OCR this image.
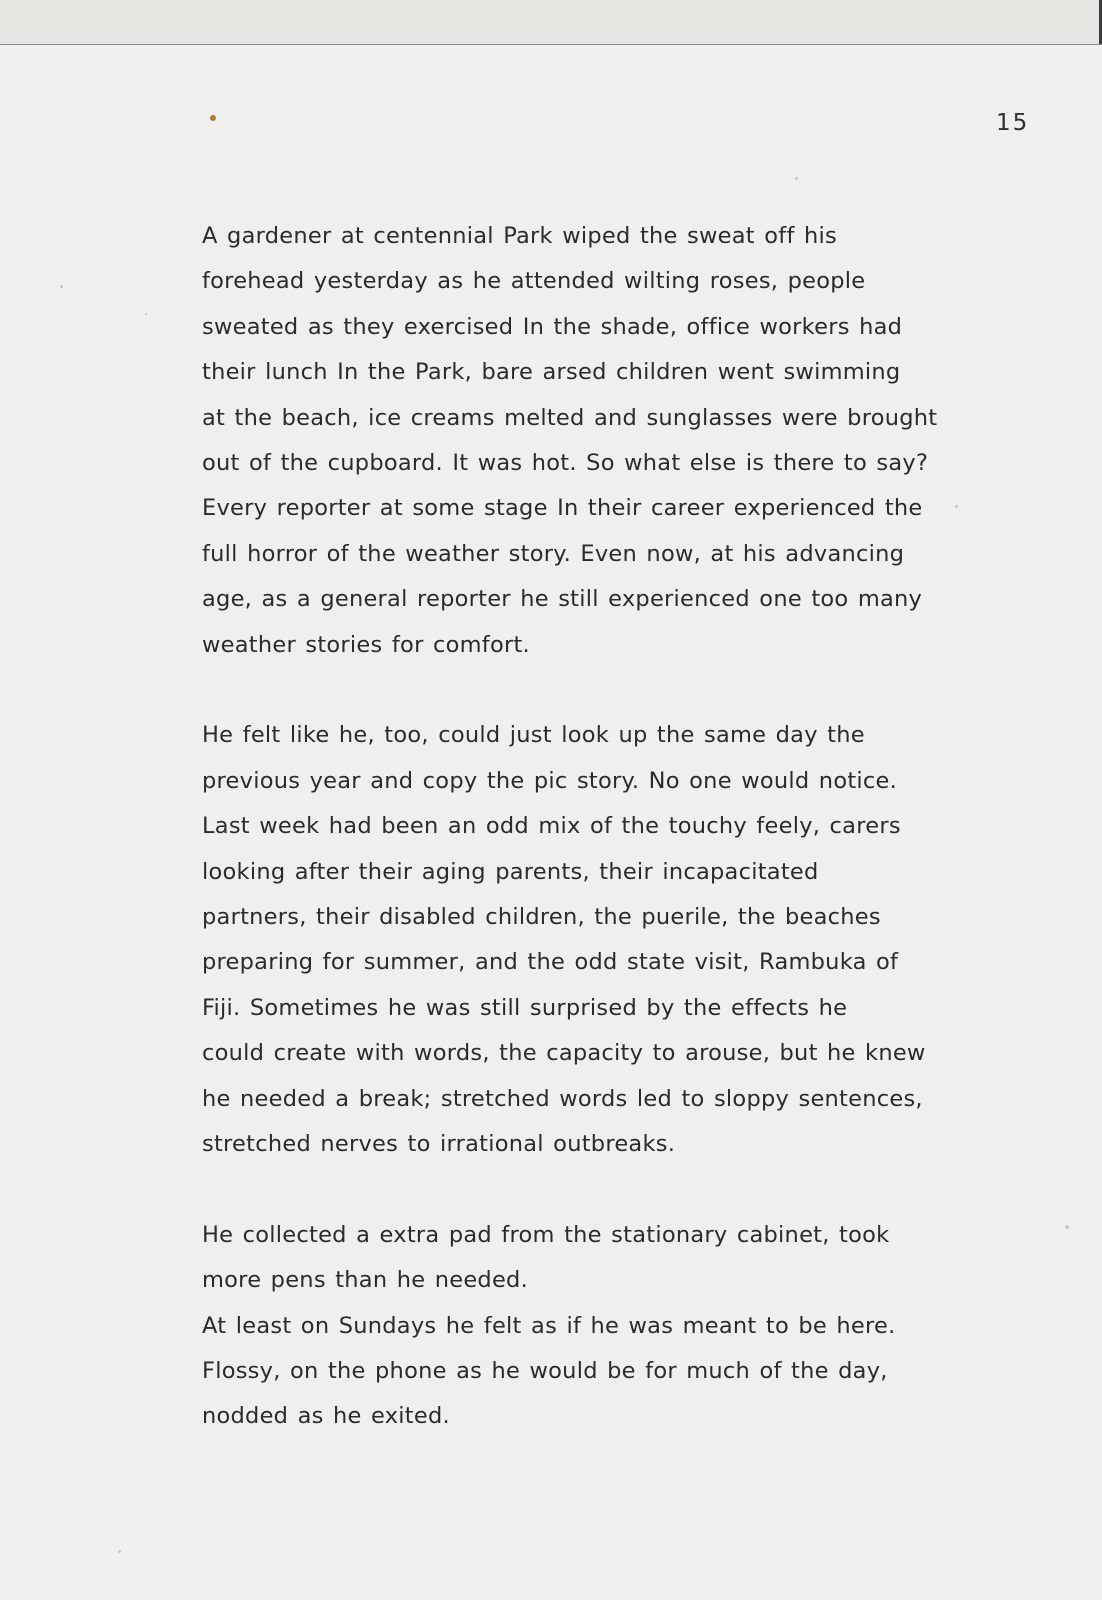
15

A gardener at centennial Park wiped the sweat off his
forehead yesterday as he attended wilting roses, people
sweated as they exercised In the shade, office workers had
their lunch In the Park, bare arsed children went swimming
at the beach, ice creams melted and sunglasses were brought
out of the cupboard. It was hot. So what else is there to say?
Every reporter at some stage In their career experienced the
full horror of the weather story. Even now, at his advancing
age, as a general reporter he still experienced one too many
weather stories for comfort.

He felt like he, too, could just look up the same day the
previous year and copy the pic story. No one would notice.
Last week had been an odd mix of the touchy feely, carers
looking after their aging parents, their incapacitated
partners, their disabled children, the puerile, the beaches
preparing for summer, and the odd state visit, Rambuka of
Fiji. Sometimes he was still surprised by the effects he
could create with words, the capacity to arouse, but he knew
he needed a break; stretched words led to sloppy sentences,
stretched nerves to irrational outbreaks.

He collected a extra pad from the stationary cabinet, took
more pens than he needed.
At least on Sundays he felt as if he was meant to be here.
Flossy, on the phone as he would be for much of the day,
nodded as he exited.
